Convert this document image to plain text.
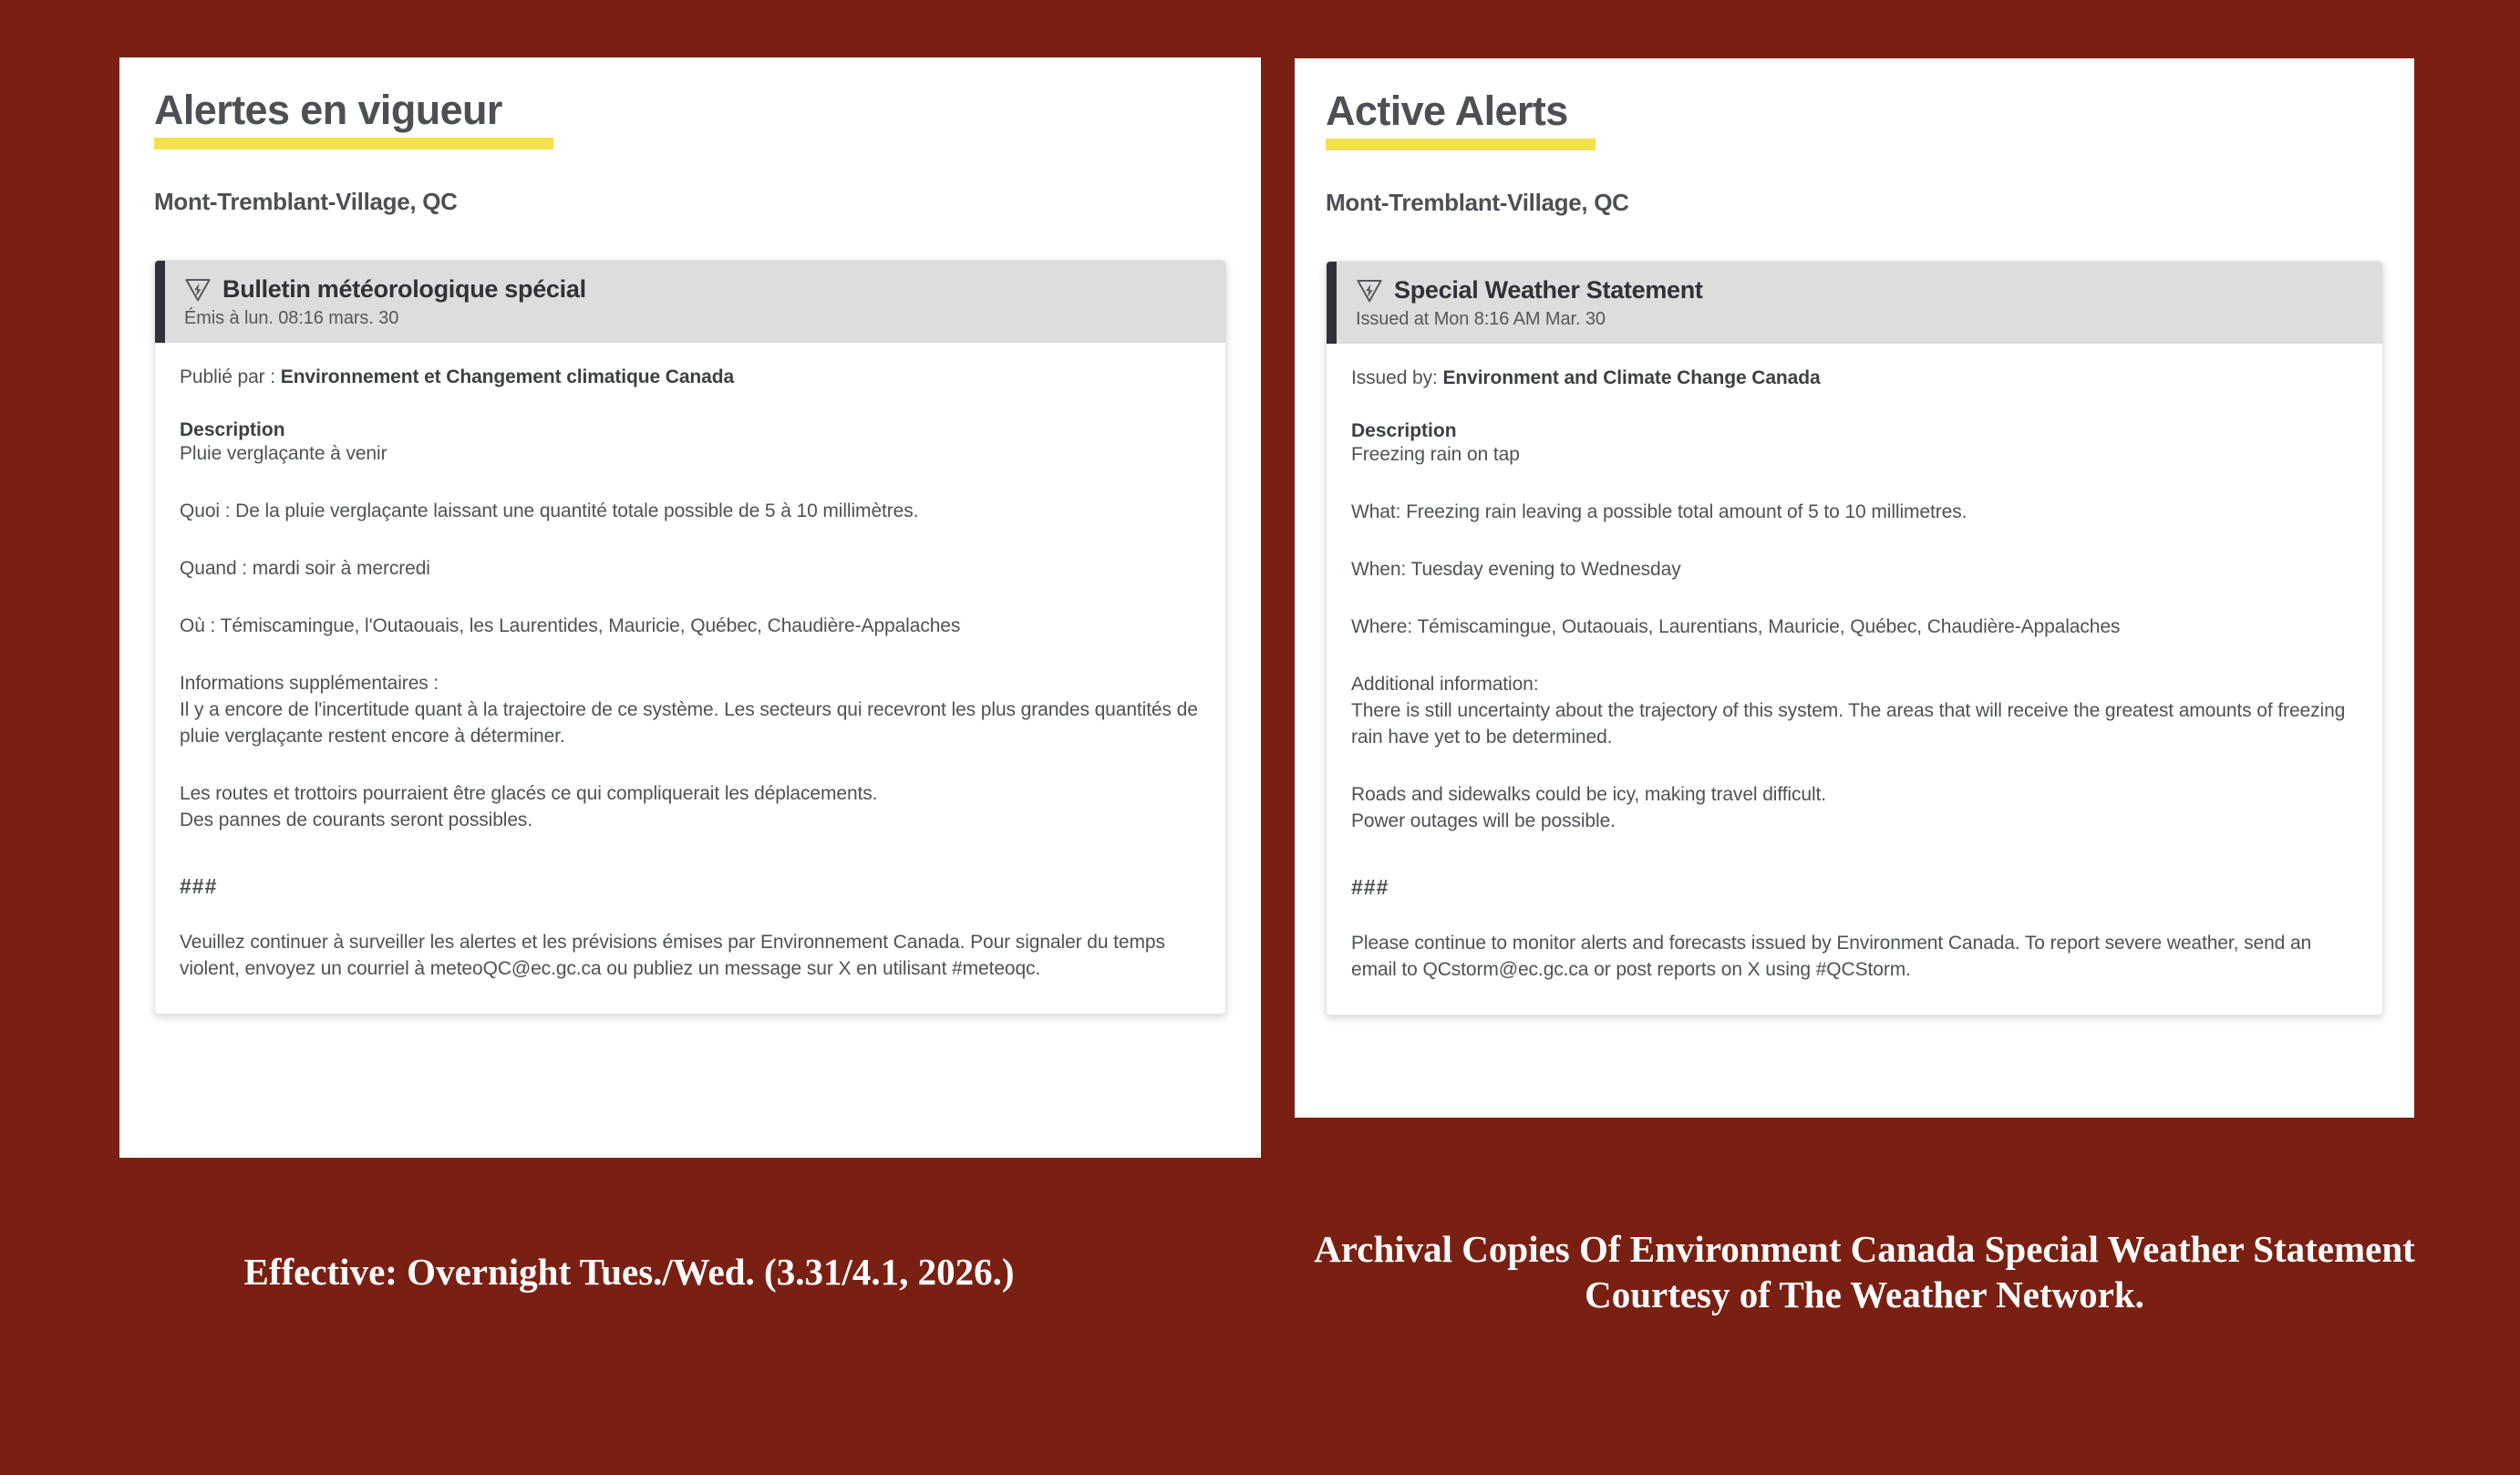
Alertes en vigueur
Mont-Tremblant-Village, QC
Bulletin météorologique spécial
Émis à lun. 08:16 mars. 30
Publié par : Environnement et Changement climatique Canada
Description
Pluie verglaçante à venir
Quoi : De la pluie verglaçante laissant une quantité totale possible de 5 à 10 millimètres.
Quand : mardi soir à mercredi
Où : Témiscamingue, l'Outaouais, les Laurentides, Mauricie, Québec, Chaudière-Appalaches
Informations supplémentaires :
Il y a encore de l'incertitude quant à la trajectoire de ce système. Les secteurs qui recevront les plus grandes quantités de pluie verglaçante restent encore à déterminer.
Les routes et trottoirs pourraient être glacés ce qui compliquerait les déplacements.
Des pannes de courants seront possibles.
###
Veuillez continuer à surveiller les alertes et les prévisions émises par Environnement Canada. Pour signaler du temps violent, envoyez un courriel à meteoQC@ec.gc.ca ou publiez un message sur X en utilisant #meteoqc.
Active Alerts
Mont-Tremblant-Village, QC
Special Weather Statement
Issued at Mon 8:16 AM Mar. 30
Issued by: Environment and Climate Change Canada
Description
Freezing rain on tap
What: Freezing rain leaving a possible total amount of 5 to 10 millimetres.
When: Tuesday evening to Wednesday
Where: Témiscamingue, Outaouais, Laurentians, Mauricie, Québec, Chaudière-Appalaches
Additional information:
There is still uncertainty about the trajectory of this system. The areas that will receive the greatest amounts of freezing rain have yet to be determined.
Roads and sidewalks could be icy, making travel difficult.
Power outages will be possible.
###
Please continue to monitor alerts and forecasts issued by Environment Canada. To report severe weather, send an email to QCstorm@ec.gc.ca or post reports on X using #QCStorm.
Effective: Overnight Tues./Wed. (3.31/4.1, 2026.)
Archival Copies Of Environment Canada Special Weather Statement Courtesy of The Weather Network.
